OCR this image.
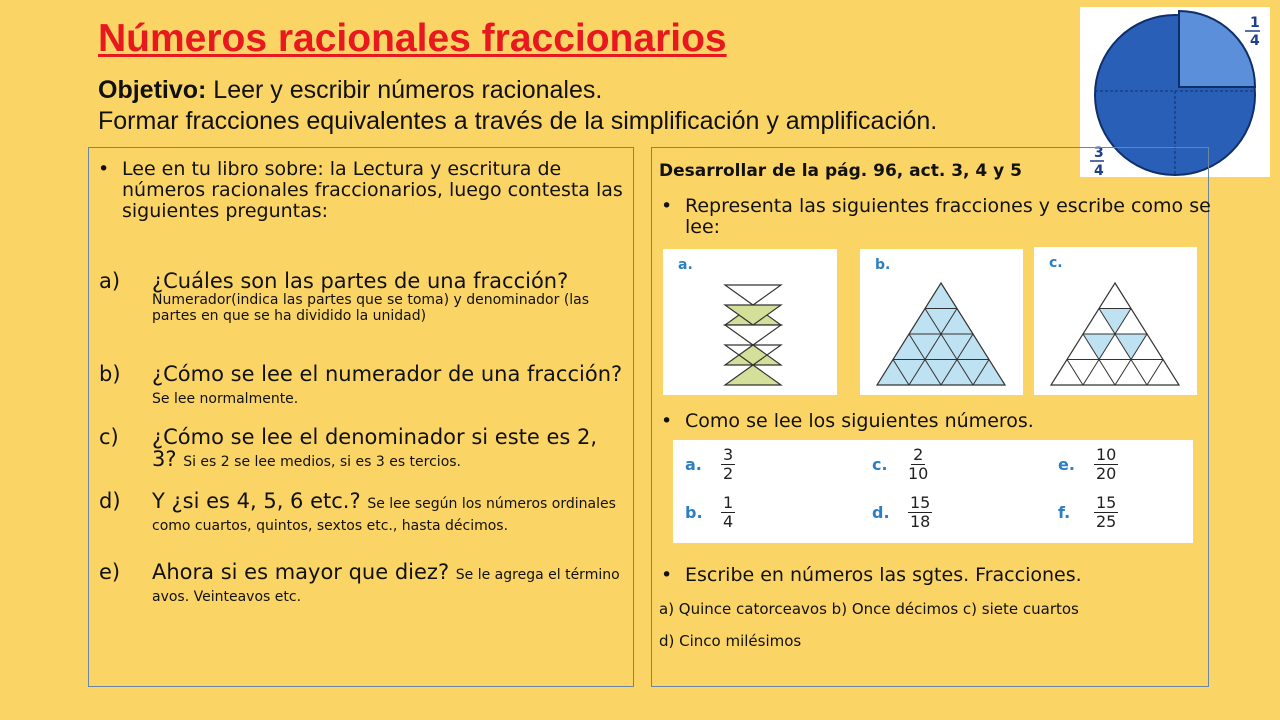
Números racionales fraccionarios
Objetivo: Leer y escribir números racionales.
Formar fracciones equivalentes a través de la simplificación y amplificación.
1
4
3
4
• Lee en tu libro sobre: la Lectura y escritura de números racionales fraccionarios, luego contesta las siguientes preguntas:
a) ¿Cuáles son las partes de una fracción?
Numerador(indica las partes que se toma) y denominador (las partes en que se ha dividido la unidad)
b) ¿Cómo se lee el numerador de una fracción? Se lee normalmente.
c) ¿Cómo se lee el denominador si este es 2, 3? Si es 2 se lee medios, si es 3 es tercios.
d) Y ¿si es 4, 5, 6 etc.? Se lee según los números ordinales como cuartos, quintos, sextos etc., hasta décimos.
e) Ahora si es mayor que diez? Se le agrega el término avos. Veinteavos etc.
Desarrollar de la pág. 96, act. 3, 4 y 5
• Representa las siguientes fracciones y escribe como se lee:
• Como se lee los siguientes números.
• Escribe en números las sgtes. Fracciones.
a) Quince catorceavos b) Once décimos c) siete cuartos
d) Cinco milésimos
a.	b.	c.
a. $\frac{3}{2}$
b. $\frac{1}{4}$
c. $\frac{2}{10}$
d. $\frac{15}{18}$
e. $\frac{10}{20}$
f. $\frac{15}{25}$
